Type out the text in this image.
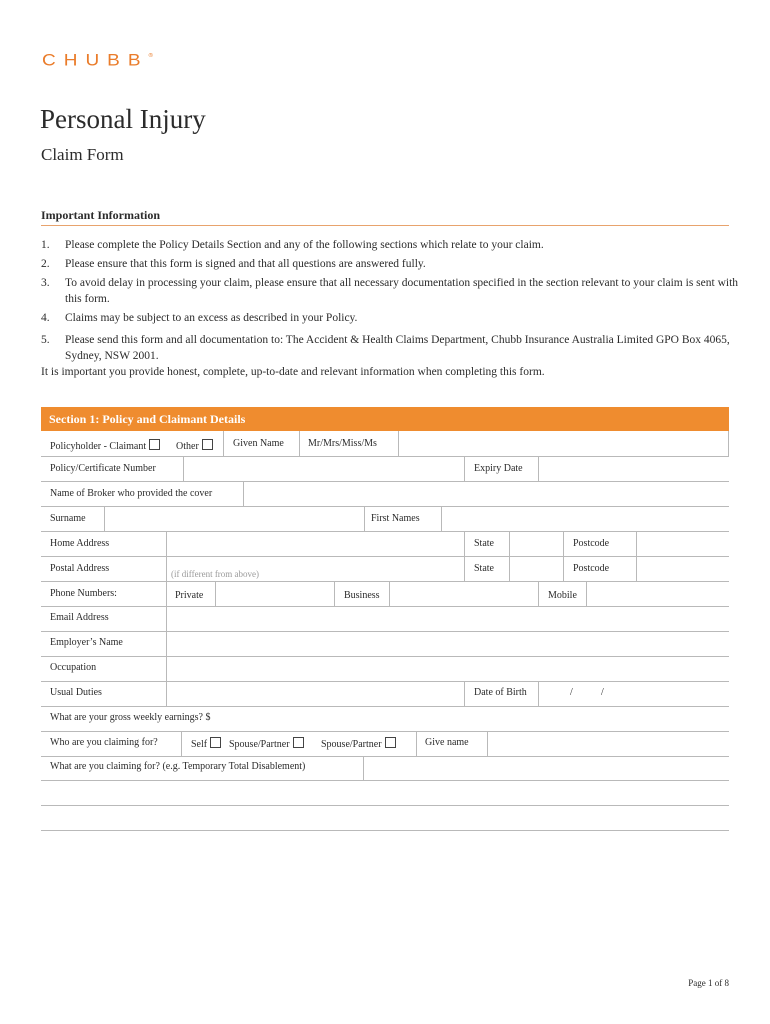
CHUBB®
Personal Injury
Claim Form
Important Information
1. Please complete the Policy Details Section and any of the following sections which relate to your claim.
2. Please ensure that this form is signed and that all questions are answered fully.
3. To avoid delay in processing your claim, please ensure that all necessary documentation specified in the section relevant to your claim is sent with this form.
4. Claims may be subject to an excess as described in your Policy.
5. Please send this form and all documentation to: The Accident & Health Claims Department, Chubb Insurance Australia Limited GPO Box 4065, Sydney, NSW 2001.
It is important you provide honest, complete, up-to-date and relevant information when completing this form.
Section 1: Policy and Claimant Details
Policyholder - Claimant	Other	Given Name Mr/Mrs/Miss/Ms
Policy/Certificate Number	Expiry Date
Name of Broker who provided the cover
Surname	First Names
Home Address	State	Postcode
Postal Address	(if different from above)	State	Postcode
Phone Numbers:	Private	Business	Mobile
Email Address
Employer’s Name
Occupation
Usual Duties	Date of Birth	/	/
What are your gross weekly earnings? $
Who are you claiming for?	Self	Spouse/Partner	Spouse/Partner	Give name
What are you claiming for? (e.g. Temporary Total Disablement)
Page 1 of 8
